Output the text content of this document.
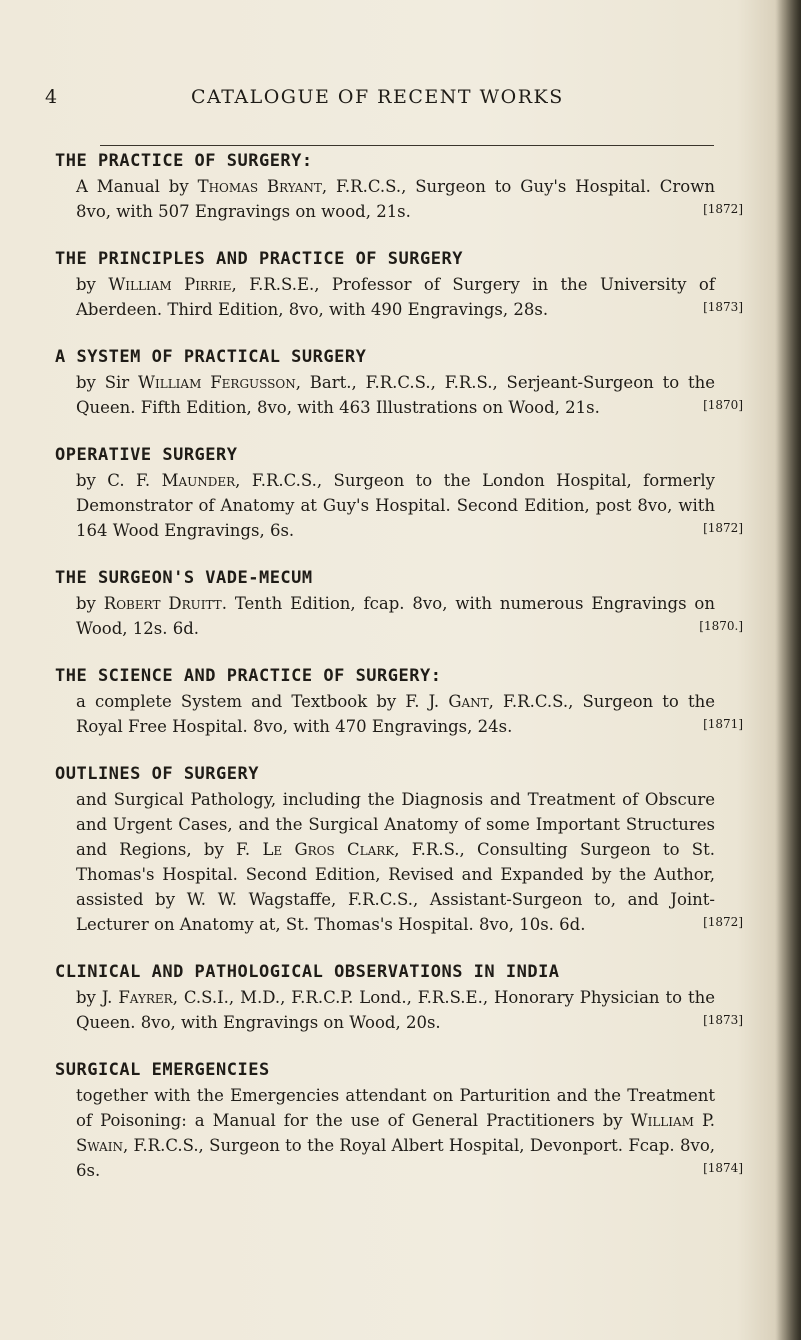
4	CATALOGUE OF RECENT WORKS
THE PRACTICE OF SURGERY:
A Manual by Thomas Bryant, F.R.C.S., Surgeon to Guy's Hospital. Crown 8vo, with 507 Engravings on wood, 21s.	[1872]
THE PRINCIPLES AND PRACTICE OF SURGERY
by William Pirrie, F.R.S.E., Professor of Surgery in the University of Aberdeen. Third Edition, 8vo, with 490 Engravings, 28s.	[1873]
A SYSTEM OF PRACTICAL SURGERY
by Sir William Fergusson, Bart., F.R.C.S., F.R.S., Serjeant-Surgeon to the Queen. Fifth Edition, 8vo, with 463 Illustrations on Wood, 21s.	[1870]
OPERATIVE SURGERY
by C. F. Maunder, F.R.C.S., Surgeon to the London Hospital, formerly Demonstrator of Anatomy at Guy's Hospital. Second Edition, post 8vo, with 164 Wood Engravings, 6s.	[1872]
THE SURGEON'S VADE-MECUM
by Robert Druitt. Tenth Edition, fcap. 8vo, with numerous Engravings on Wood, 12s. 6d.	[1870.]
THE SCIENCE AND PRACTICE OF SURGERY:
a complete System and Textbook by F. J. Gant, F.R.C.S., Surgeon to the Royal Free Hospital. 8vo, with 470 Engravings, 24s.	[1871]
OUTLINES OF SURGERY
and Surgical Pathology, including the Diagnosis and Treatment of Obscure and Urgent Cases, and the Surgical Anatomy of some Important Structures and Regions, by F. Le Gros Clark, F.R.S., Consulting Surgeon to St. Thomas's Hospital. Second Edition, Revised and Expanded by the Author, assisted by W. W. Wagstaffe, F.R.C.S., Assistant-Surgeon to, and Joint-Lecturer on Anatomy at, St. Thomas's Hospital. 8vo, 10s. 6d.	[1872]
CLINICAL AND PATHOLOGICAL OBSERVATIONS IN INDIA
by J. Fayrer, C.S.I., M.D., F.R.C.P. Lond., F.R.S.E., Honorary Physician to the Queen. 8vo, with Engravings on Wood, 20s.	[1873]
SURGICAL EMERGENCIES
together with the Emergencies attendant on Parturition and the Treatment of Poisoning: a Manual for the use of General Practitioners by William P. Swain, F.R.C.S., Surgeon to the Royal Albert Hospital, Devonport. Fcap. 8vo, 6s.	[1874]
